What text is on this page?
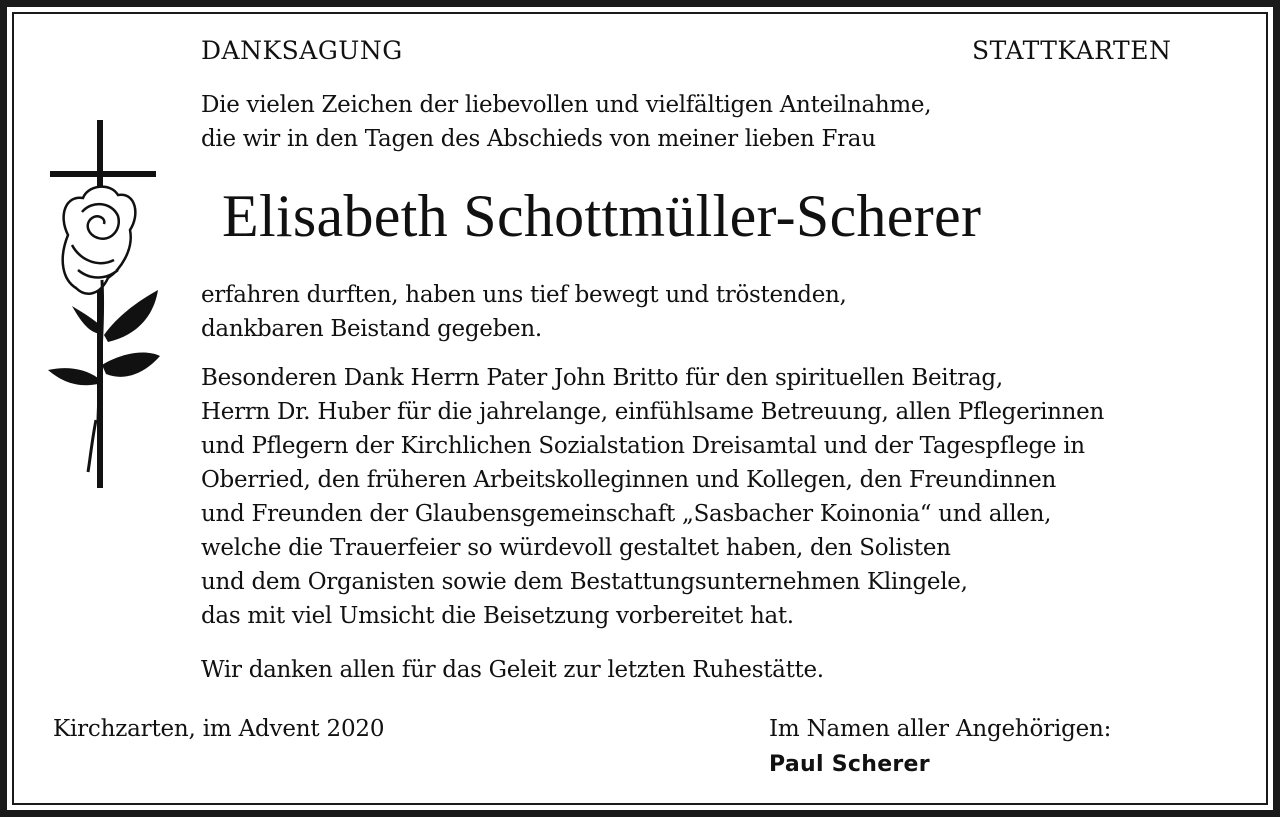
DANKSAGUNG	STATTKARTEN

Die vielen Zeichen der liebevollen und vielfältigen Anteilnahme,
die wir in den Tagen des Abschieds von meiner lieben Frau
Elisabeth Schottmüller-Scherer
erfahren durften, haben uns tief bewegt und tröstenden,
dankbaren Beistand gegeben.
Besonderen Dank Herrn Pater John Britto für den spirituellen Beitrag,
Herrn Dr. Huber für die jahrelange, einfühlsame Betreuung, allen Pflegerinnen
und Pflegern der Kirchlichen Sozialstation Dreisamtal und der Tagespflege in
Oberried, den früheren Arbeitskolleginnen und Kollegen, den Freundinnen
und Freunden der Glaubensgemeinschaft „Sasbacher Koinonia“ und allen,
welche die Trauerfeier so würdevoll gestaltet haben, den Solisten
und dem Organisten sowie dem Bestattungsunternehmen Klingele,
das mit viel Umsicht die Beisetzung vorbereitet hat.
Wir danken allen für das Geleit zur letzten Ruhestätte.

Kirchzarten, im Advent 2020	Im Namen aller Angehörigen:

Paul Scherer
